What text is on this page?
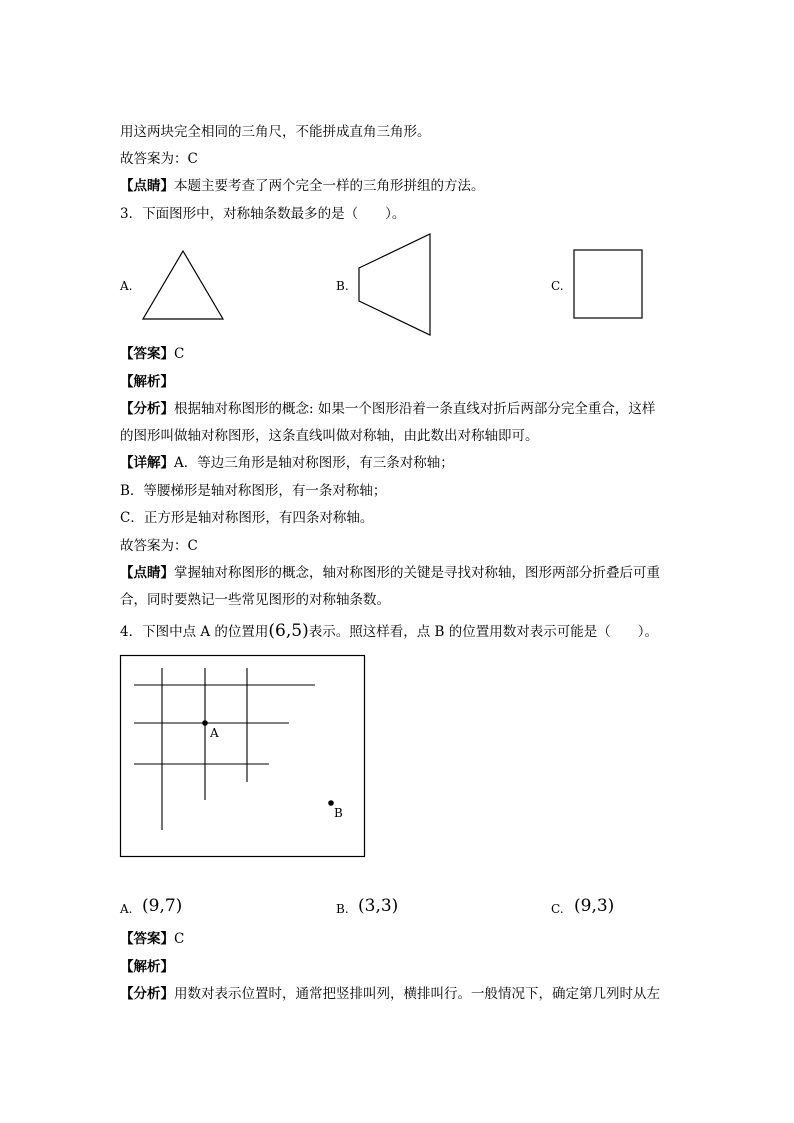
用这两块完全相同的三角尺，不能拼成直角三角形。
故答案为：C
【点睛】本题主要考查了两个完全一样的三角形拼组的方法。
3．下面图形中，对称轴条数最多的是（　　）。
A.	B.	C.
【答案】C
【解析】
【分析】根据轴对称图形的概念: 如果一个图形沿着一条直线对折后两部分完全重合，这样
的图形叫做轴对称图形，这条直线叫做对称轴，由此数出对称轴即可。
【详解】A．等边三角形是轴对称图形，有三条对称轴；
B．等腰梯形是轴对称图形，有一条对称轴；
C．正方形是轴对称图形，有四条对称轴。
故答案为：C
【点睛】掌握轴对称图形的概念，轴对称图形的关键是寻找对称轴，图形两部分折叠后可重
合，同时要熟记一些常见图形的对称轴条数。
4．下图中点 A 的位置用(6,5)表示。照这样看，点 B 的位置用数对表示可能是（　　）。
A
B
A. (9,7)	B. (3,3)	C. (9,3)
【答案】C
【解析】
【分析】用数对表示位置时，通常把竖排叫列，横排叫行。一般情况下，确定第几列时从左
